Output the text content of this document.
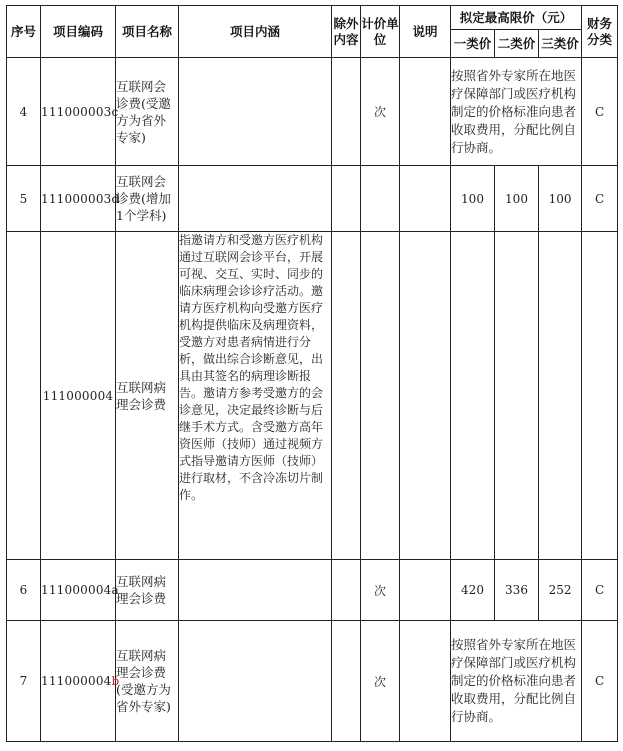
序号	项目编码	项目名称	项目内涵	除外内容	计价单位	说明	拟定最高限价（元）			财务分类
							一类价	二类价	三类价	
4	111000003c	互联网会诊费(受邀方为省外专家)			次		按照省外专家所在地医疗保障部门或医疗机构制定的价格标准向患者收取费用，分配比例自行协商。			C
5	111000003d	互联网会诊费(增加1个学科)					100	100	100	C
	111000004	互联网病理会诊费	指邀请方和受邀方医疗机构通过互联网会诊平台，开展可视、交互、实时、同步的临床病理会诊诊疗活动。邀请方医疗机构向受邀方医疗机构提供临床及病理资料，受邀方对患者病情进行分析，做出综合诊断意见，出具由其签名的病理诊断报告。邀请方参考受邀方的会诊意见，决定最终诊断与后继手术方式。含受邀方高年资医师（技师）通过视频方式指导邀请方医师（技师）进行取材，不含冷冻切片制作。							
6	111000004a	互联网病理会诊费			次		420	336	252	C
7	111000004b	互联网病理会诊费(受邀方为省外专家)			次		按照省外专家所在地医疗保障部门或医疗机构制定的价格标准向患者收取费用，分配比例自行协商。			C
